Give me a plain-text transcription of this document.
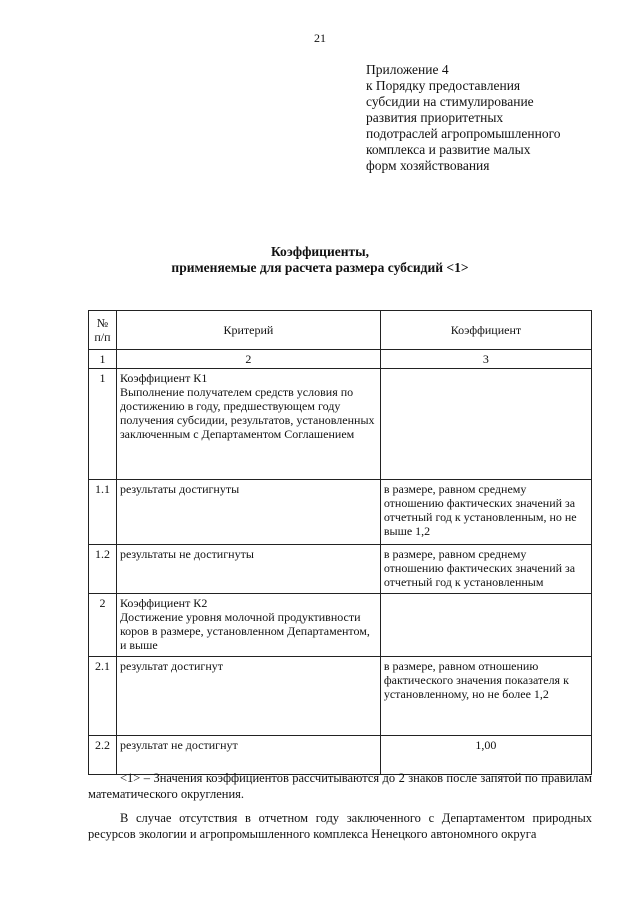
21
Приложение 4
к Порядку предоставления
субсидии на стимулирование
развития приоритетных
подотраслей агропромышленного
комплекса и развитие малых
форм хозяйствования
Коэффициенты,
применяемые для расчета размера субсидий <1>
№ п/п	Критерий	Коэффициент
1	2	3
1	Коэффициент К1
Выполнение получателем средств условия по достижению в году, предшествующем году получения субсидии, результатов, установленных заключенным с Департаментом Соглашением	
1.1	результаты достигнуты	в размере, равном среднему отношению фактических значений за отчетный год к установленным, но не выше 1,2
1.2	результаты не достигнуты	в размере, равном среднему отношению фактических значений за отчетный год к установленным
2	Коэффициент К2
Достижение уровня молочной продуктивности коров в размере, установленном Департаментом, и выше	
2.1	результат достигнут	в размере, равном отношению фактического значения показателя к установленному, но не более 1,2
2.2	результат не достигнут	1,00

<1> – Значения коэффициентов рассчитываются до 2 знаков после запятой по правилам математического округления.

В случае отсутствия в отчетном году заключенного с Департаментом природных ресурсов экологии и агропромышленного комплекса Ненецкого автономного округа
